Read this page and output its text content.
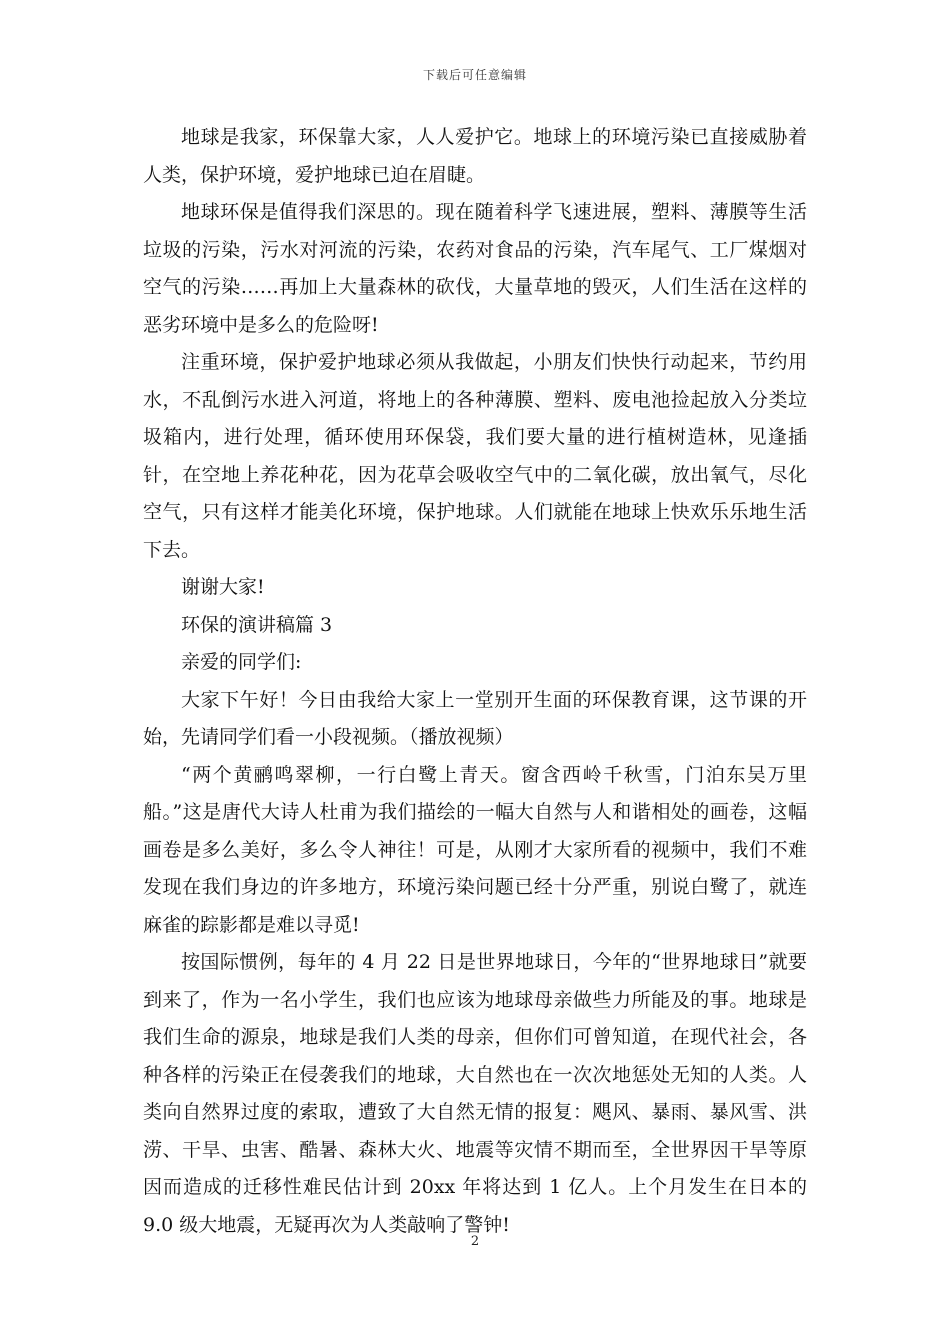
下载后可任意编辑

地球是我家，环保靠大家，人人爱护它。地球上的环境污染已直接威胁着人类，保护环境，爱护地球已迫在眉睫。

地球环保是值得我们深思的。现在随着科学飞速进展，塑料、薄膜等生活垃圾的污染，污水对河流的污染，农药对食品的污染，汽车尾气、工厂煤烟对空气的污染……再加上大量森林的砍伐，大量草地的毁灭，人们生活在这样的恶劣环境中是多么的危险呀!

注重环境，保护爱护地球必须从我做起，小朋友们快快行动起来，节约用水，不乱倒污水进入河道，将地上的各种薄膜、塑料、废电池捡起放入分类垃圾箱内，进行处理，循环使用环保袋，我们要大量的进行植树造林，见逢插针，在空地上养花种花，因为花草会吸收空气中的二氧化碳，放出氧气，尽化空气，只有这样才能美化环境，保护地球。人们就能在地球上快欢乐乐地生活下去。

谢谢大家!

环保的演讲稿篇 3

亲爱的同学们:

大家下午好！今日由我给大家上一堂别开生面的环保教育课，这节课的开始，先请同学们看一小段视频。（播放视频）

“两个黄鹂鸣翠柳，一行白鹭上青天。窗含西岭千秋雪，门泊东吴万里船。”这是唐代大诗人杜甫为我们描绘的一幅大自然与人和谐相处的画卷，这幅画卷是多么美好，多么令人神往！可是，从刚才大家所看的视频中，我们不难发现在我们身边的许多地方，环境污染问题已经十分严重，别说白鹭了，就连麻雀的踪影都是难以寻觅!

按国际惯例，每年的 4 月 22 日是世界地球日，今年的“世界地球日”就要到来了，作为一名小学生，我们也应该为地球母亲做些力所能及的事。地球是我们生命的源泉，地球是我们人类的母亲，但你们可曾知道，在现代社会，各种各样的污染正在侵袭我们的地球，大自然也在一次次地惩处无知的人类。人类向自然界过度的索取，遭致了大自然无情的报复：飓风、暴雨、暴风雪、洪涝、干旱、虫害、酷暑、森林大火、地震等灾情不期而至，全世界因干旱等原因而造成的迁移性难民估计到 20xx 年将达到 1 亿人。上个月发生在日本的 9.0 级大地震，无疑再次为人类敲响了警钟!

2
